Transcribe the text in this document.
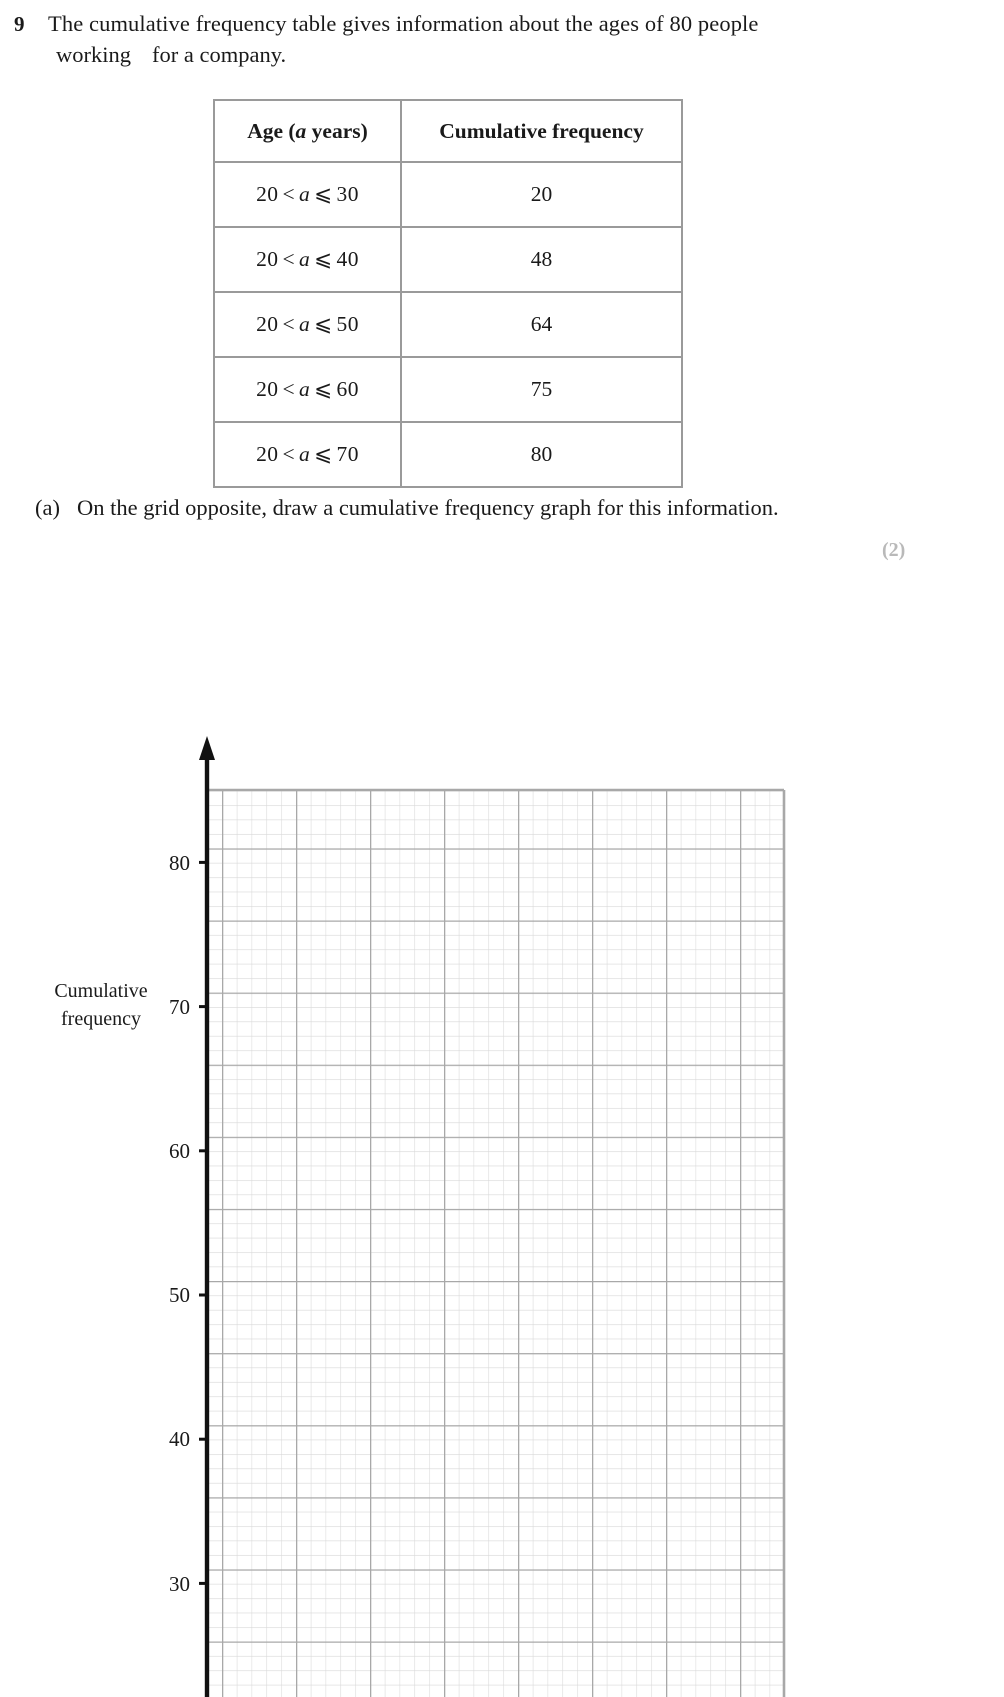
9 The cumulative frequency table gives information about the ages of 80 people
working for a company.
Age (a years)	Cumulative frequency
20 < a ⩽ 30	20
20 < a ⩽ 40	48
20 < a ⩽ 50	64
20 < a ⩽ 60	75
20 < a ⩽ 70	80
(a) On the grid opposite, draw a cumulative frequency graph for this information.
(2)
30
40
50
60
70
80
Cumulative
frequency
